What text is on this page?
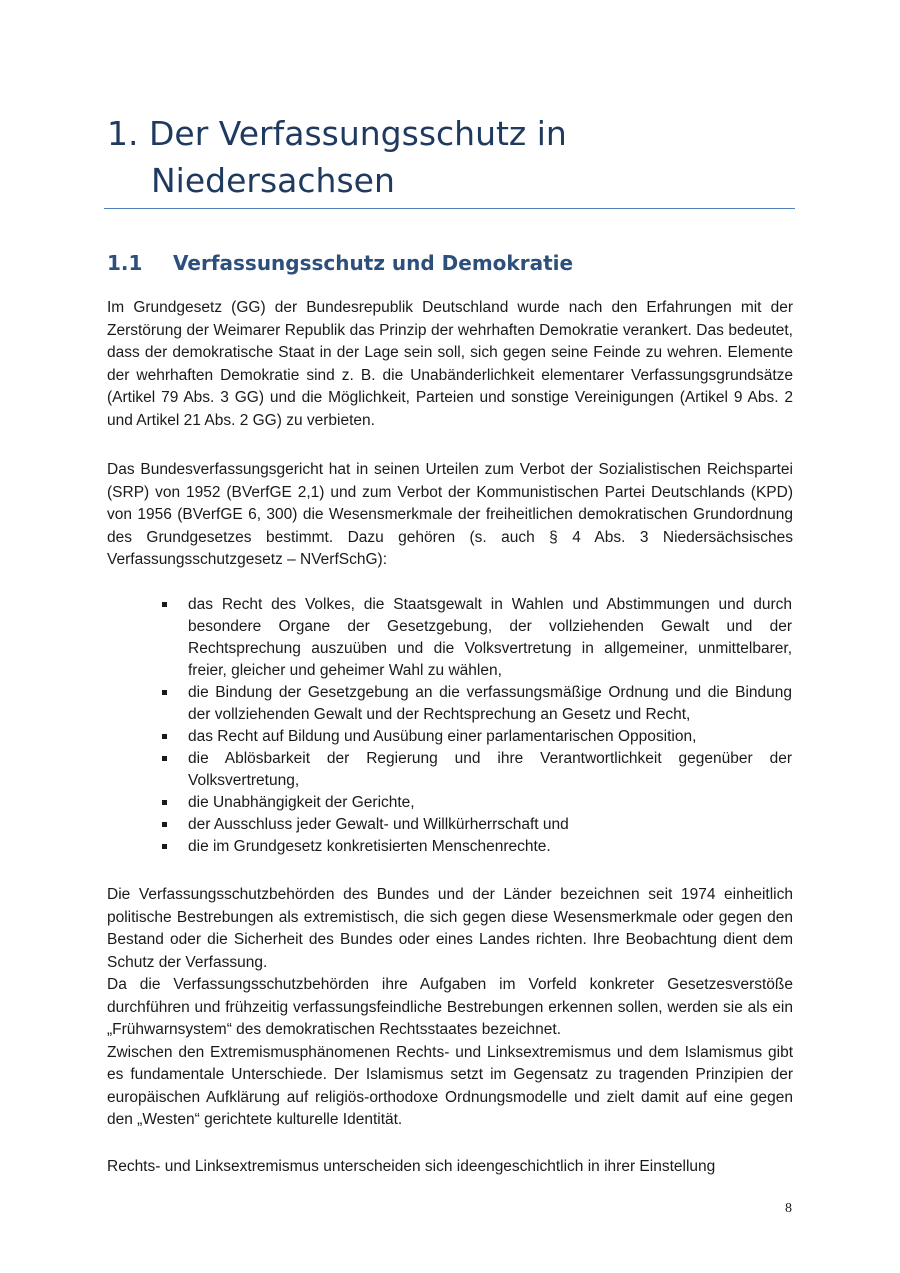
1. Der Verfassungsschutz in
Niedersachsen
1.1 Verfassungsschutz und Demokratie

Im Grundgesetz (GG) der Bundesrepublik Deutschland wurde nach den Erfahrungen mit der Zerstörung der Weimarer Republik das Prinzip der wehrhaften Demokratie verankert. Das bedeutet, dass der demokratische Staat in der Lage sein soll, sich gegen seine Feinde zu wehren. Elemente der wehrhaften Demokratie sind z. B. die Unabänderlichkeit elementarer Verfassungsgrundsätze (Artikel 79 Abs. 3 GG) und die Möglichkeit, Parteien und sonstige Vereinigungen (Artikel 9 Abs. 2 und Artikel 21 Abs. 2 GG) zu verbieten.

Das Bundesverfassungsgericht hat in seinen Urteilen zum Verbot der Sozialistischen Reichspartei (SRP) von 1952 (BVerfGE 2,1) und zum Verbot der Kommunistischen Partei Deutschlands (KPD) von 1956 (BVerfGE 6, 300) die Wesensmerkmale der freiheitlichen demokratischen Grundordnung des Grundgesetzes bestimmt. Dazu gehören (s. auch § 4 Abs. 3 Niedersächsisches Verfassungsschutzgesetz – NVerfSchG):

das Recht des Volkes, die Staatsgewalt in Wahlen und Abstimmungen und durch besondere Organe der Gesetzgebung, der vollziehenden Gewalt und der Rechtsprechung auszuüben und die Volksvertretung in allgemeiner, unmittelbarer, freier, gleicher und geheimer Wahl zu wählen,
die Bindung der Gesetzgebung an die verfassungsmäßige Ordnung und die Bindung der vollziehenden Gewalt und der Rechtsprechung an Gesetz und Recht,
das Recht auf Bildung und Ausübung einer parlamentarischen Opposition,
die Ablösbarkeit der Regierung und ihre Verantwortlichkeit gegenüber der Volksvertretung,
die Unabhängigkeit der Gerichte,
der Ausschluss jeder Gewalt- und Willkürherrschaft und
die im Grundgesetz konkretisierten Menschenrechte.

Die Verfassungsschutzbehörden des Bundes und der Länder bezeichnen seit 1974 einheitlich politische Bestrebungen als extremistisch, die sich gegen diese Wesensmerkmale oder gegen den Bestand oder die Sicherheit des Bundes oder eines Landes richten. Ihre Beobachtung dient dem Schutz der Verfassung.

Da die Verfassungsschutzbehörden ihre Aufgaben im Vorfeld konkreter Gesetzesverstöße durchführen und frühzeitig verfassungsfeindliche Bestrebungen erkennen sollen, werden sie als ein „Frühwarnsystem“ des demokratischen Rechtsstaates bezeichnet.

Zwischen den Extremismusphänomenen Rechts- und Linksextremismus und dem Islamismus gibt es fundamentale Unterschiede. Der Islamismus setzt im Gegensatz zu tragenden Prinzipien der europäischen Aufklärung auf religiös-orthodoxe Ordnungsmodelle und zielt damit auf eine gegen den „Westen“ gerichtete kulturelle Identität.

Rechts- und Linksextremismus unterscheiden sich ideengeschichtlich in ihrer Einstellung

8
